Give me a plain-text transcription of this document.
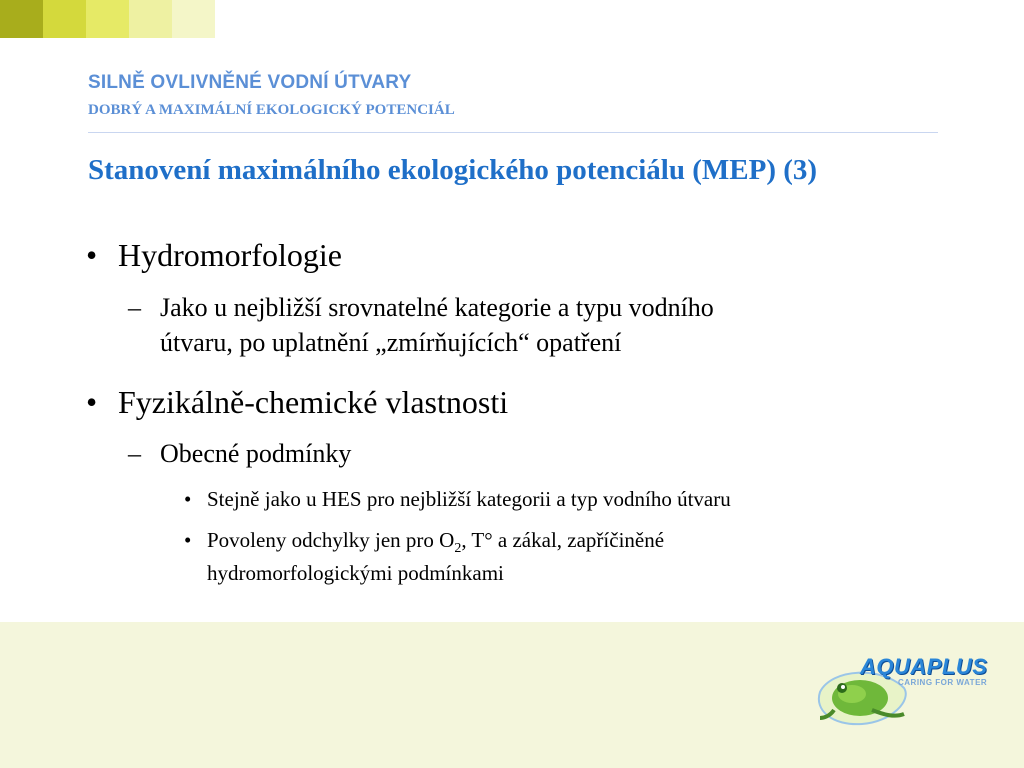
SILNĚ OVLIVNĚNÉ VODNÍ ÚTVARY
DOBRÝ A MAXIMÁLNÍ EKOLOGICKÝ POTENCIÁL
Stanovení maximálního ekologického potenciálu (MEP) (3)
• Hydromorfologie
– Jako u nejbližší srovnatelné kategorie a typu vodního
útvaru, po uplatnění „zmírňujících“ opatření
• Fyzikálně-chemické vlastnosti
– Obecné podmínky
• Stejně jako u HES pro nejbližší kategorii a typ vodního útvaru
• Povoleny odchylky jen pro $O_2$, T° a zákal, zapříčiněné
hydromorfologickými podmínkami
AQUAPLUS
CARING FOR WATER
